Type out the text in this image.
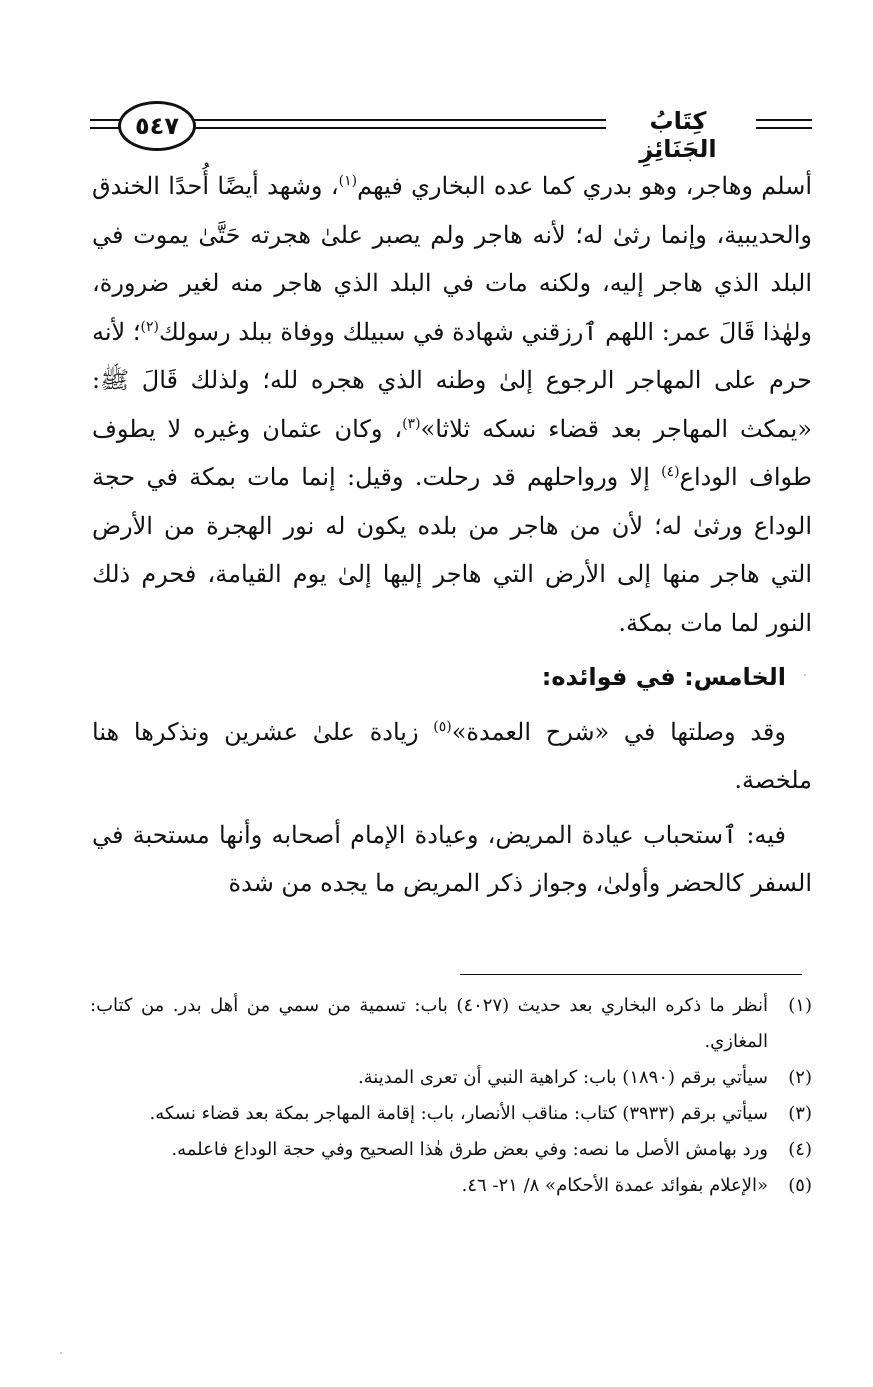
٥٤٧	كِتَابُ الجَنَائِزِ

أسلم وهاجر، وهو بدري كما عده البخاري فيهم$^{(١)}$، وشهد أيضًا أُحدًا الخندق والحديبية، وإنما رثىٰ له؛ لأنه هاجر ولم يصبر علىٰ هجرته حَتَّىٰ يموت في البلد الذي هاجر إليه، ولكنه مات في البلد الذي هاجر منه لغير ضرورة، ولهٰذا قَالَ عمر: اللهم ٱرزقني شهادة في سبيلك ووفاة ببلد رسولك$^{(٢)}$؛ لأنه حرم على المهاجر الرجوع إلىٰ وطنه الذي هجره لله؛ ولذلك قَالَ ﷺ: «يمكث المهاجر بعد قضاء نسكه ثلاثا»$^{(٣)}$، وكان عثمان وغيره لا يطوف طواف الوداع$^{(٤)}$ إلا ورواحلهم قد رحلت. وقيل: إنما مات بمكة في حجة الوداع ورثىٰ له؛ لأن من هاجر من بلده يكون له نور الهجرة من الأرض التي هاجر منها إلى الأرض التي هاجر إليها إلىٰ يوم القيامة، فحرم ذلك النور لما مات بمكة.

الخامس: في فوائده:

وقد وصلتها في «شرح العمدة»$^{(٥)}$ زيادة علىٰ عشرين ونذكرها هنا ملخصة.

فيه: ٱستحباب عيادة المريض، وعيادة الإمام أصحابه وأنها مستحبة في السفر كالحضر وأولىٰ، وجواز ذكر المريض ما يجده من شدة

(١)
أنظر ما ذكره البخاري بعد حديث (٤٠٢٧) باب: تسمية من سمي من أهل بدر. من كتاب: المغازي.
(٢)
سيأتي برقم (١٨٩٠) باب: كراهية النبي أن تعرى المدينة.
(٣)
سيأتي برقم (٣٩٣٣) كتاب: مناقب الأنصار، باب: إقامة المهاجر بمكة بعد قضاء نسكه.
(٤)
ورد بهامش الأصل ما نصه: وفي بعض طرق هٰذا الصحيح وفي حجة الوداع فاعلمه.
(٥)
«الإعلام بفوائد عمدة الأحكام» ٨/ ٢١- ٤٦.
